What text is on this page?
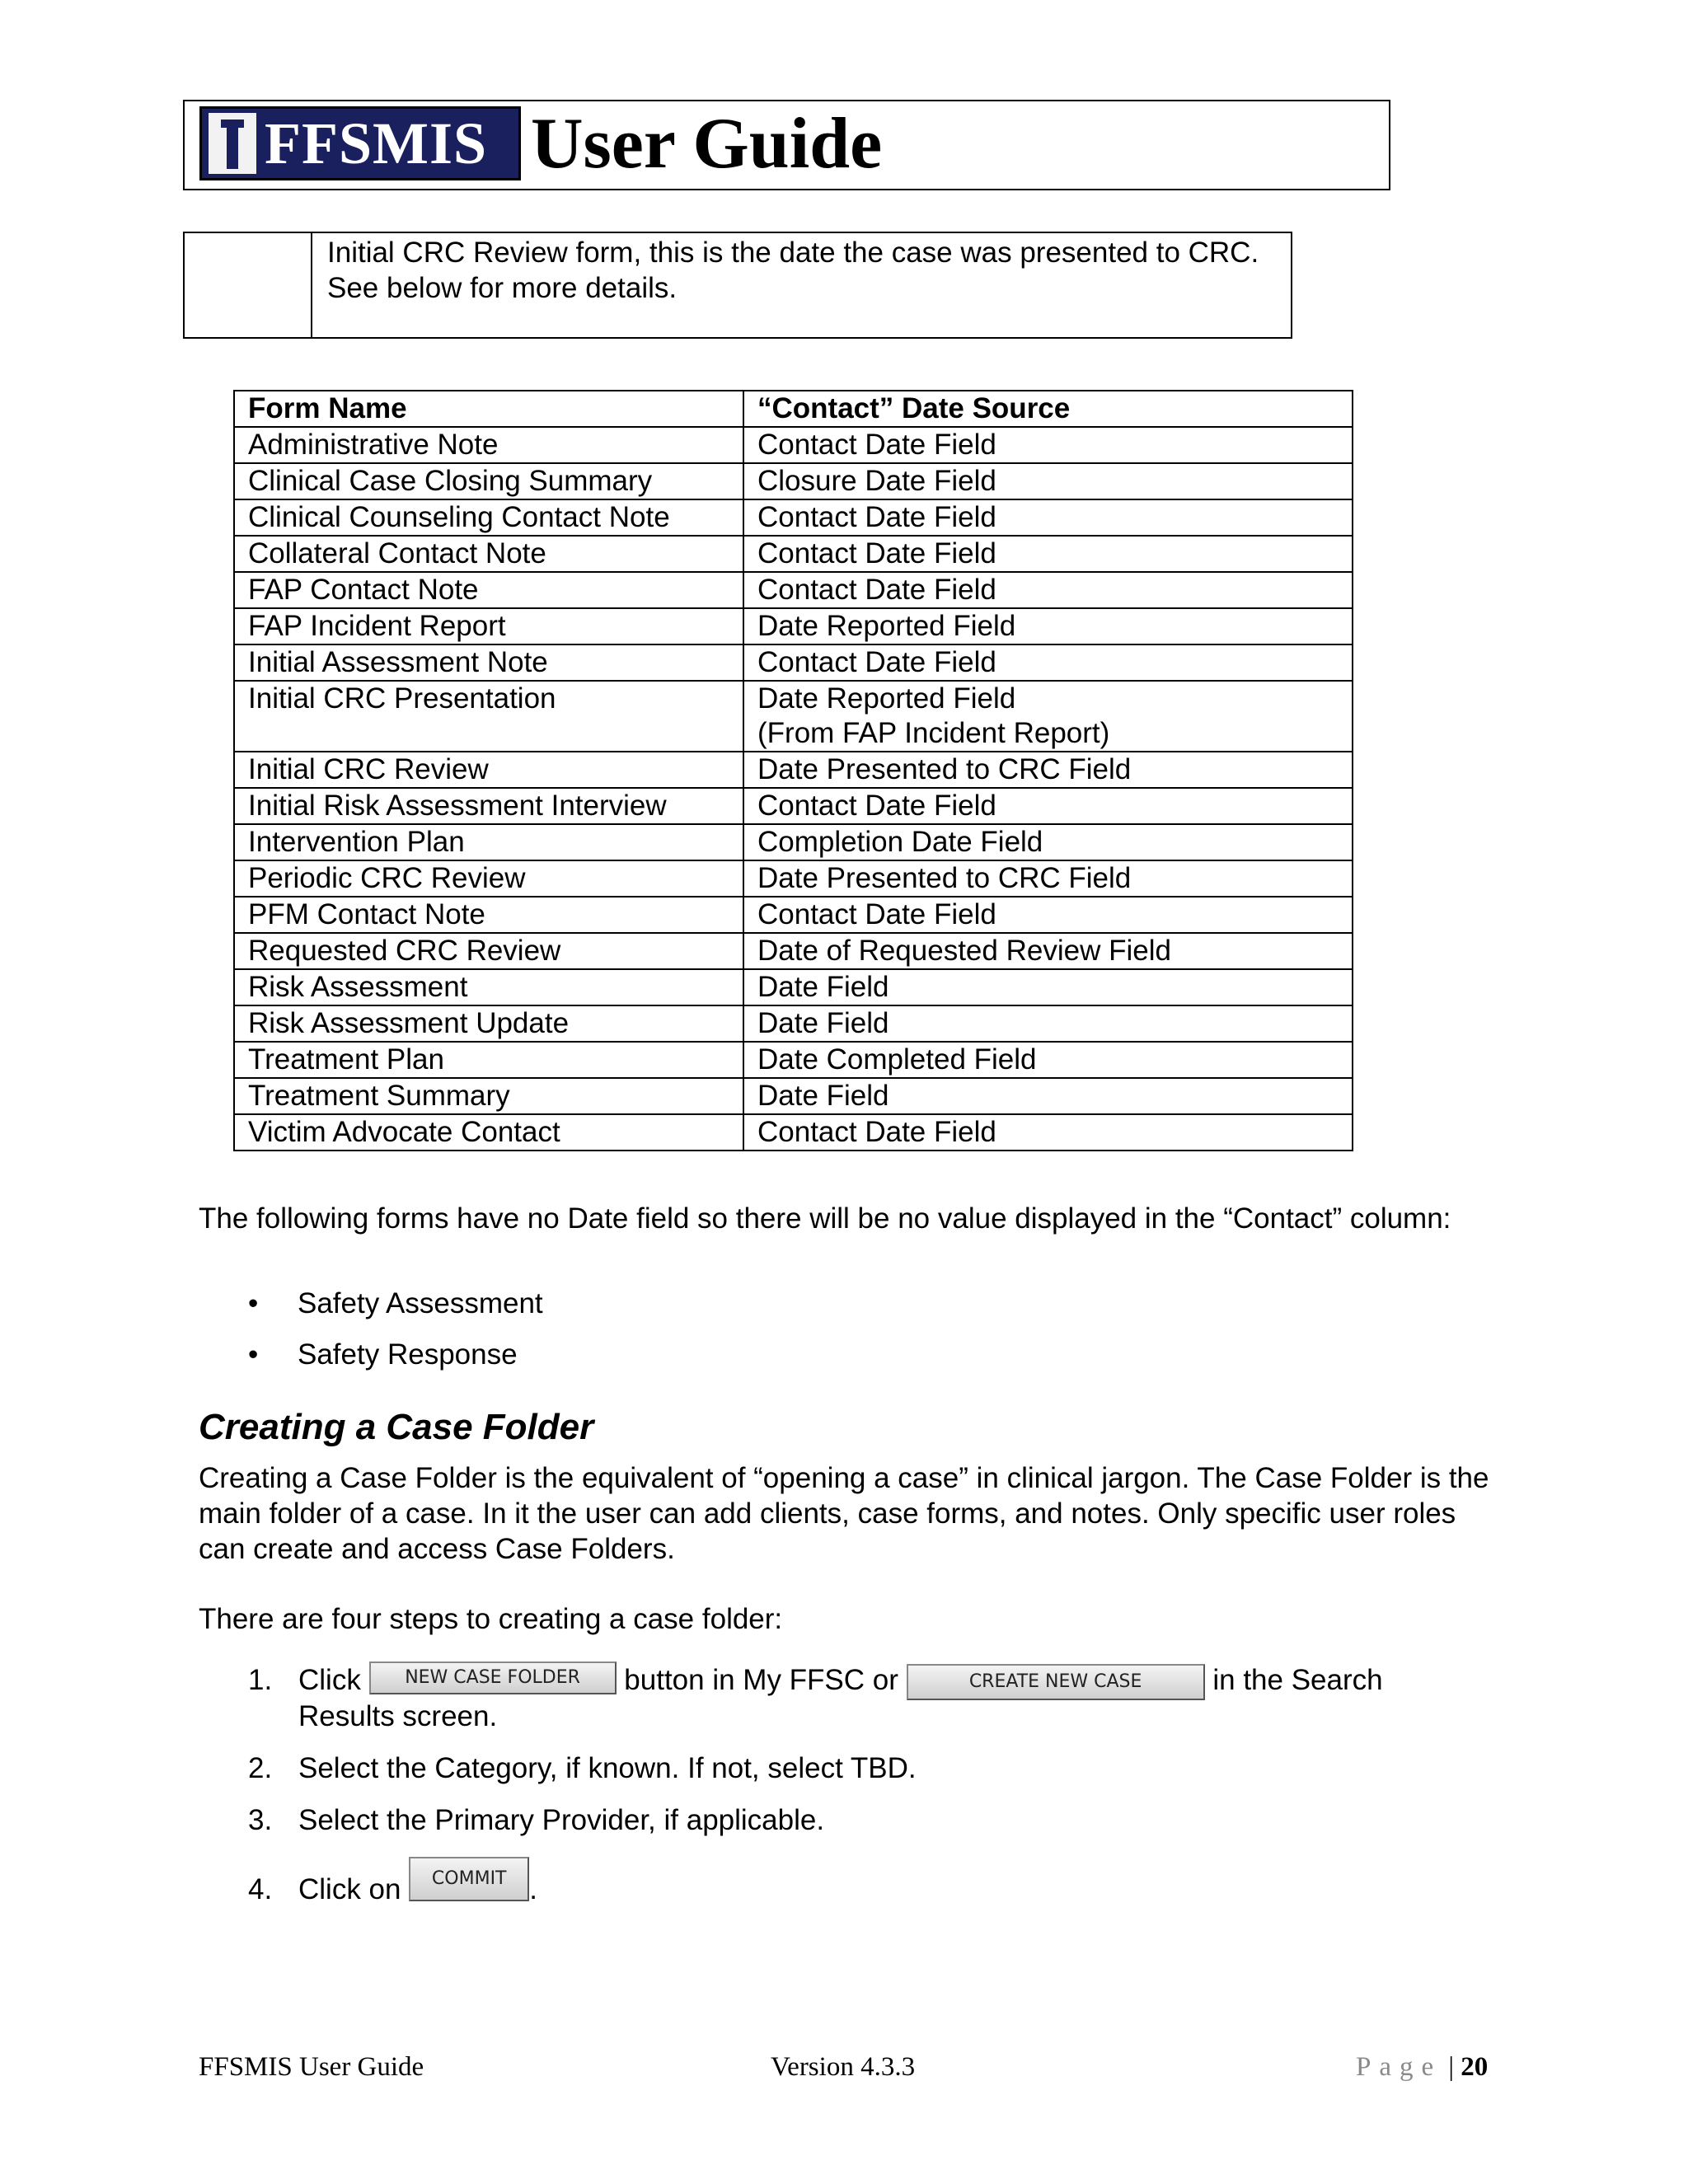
FFSMIS User Guide
Initial CRC Review form, this is the date the case was presented to CRC. See below for more details.
Form Name	“Contact” Date Source
Administrative Note	Contact Date Field

Clinical Case Closing Summary	Closure Date Field

Clinical Counseling Contact Note	Contact Date Field

Collateral Contact Note	Contact Date Field

FAP Contact Note	Contact Date Field

FAP Incident Report	Date Reported Field

Initial Assessment Note	Contact Date Field

Initial CRC Presentation	Date Reported Field
(From FAP Incident Report)

Initial CRC Review	Date Presented to CRC Field

Initial Risk Assessment Interview	Contact Date Field

Intervention Plan	Completion Date Field

Periodic CRC Review	Date Presented to CRC Field

PFM Contact Note	Contact Date Field

Requested CRC Review	Date of Requested Review Field

Risk Assessment	Date Field

Risk Assessment Update	Date Field

Treatment Plan	Date Completed Field

Treatment Summary	Date Field

Victim Advocate Contact	Contact Date Field
The following forms have no Date field so there will be no value displayed in the “Contact” column:
• Safety Assessment
• Safety Response
Creating a Case Folder
Creating a Case Folder is the equivalent of “opening a case” in clinical jargon. The Case Folder is the main folder of a case. In it the user can add clients, case forms, and notes. Only specific user roles can create and access Case Folders.
There are four steps to creating a case folder:
1. Click NEW CASE FOLDER button in My FFSC or	CREATE NEW CASE in the Search
Results screen.
2. Select the Category, if known. If not, select TBD.
3. Select the Primary Provider, if applicable.
4. Click on COMMIT .
FFSMIS User Guide	Version 4.3.3	Page | 20
